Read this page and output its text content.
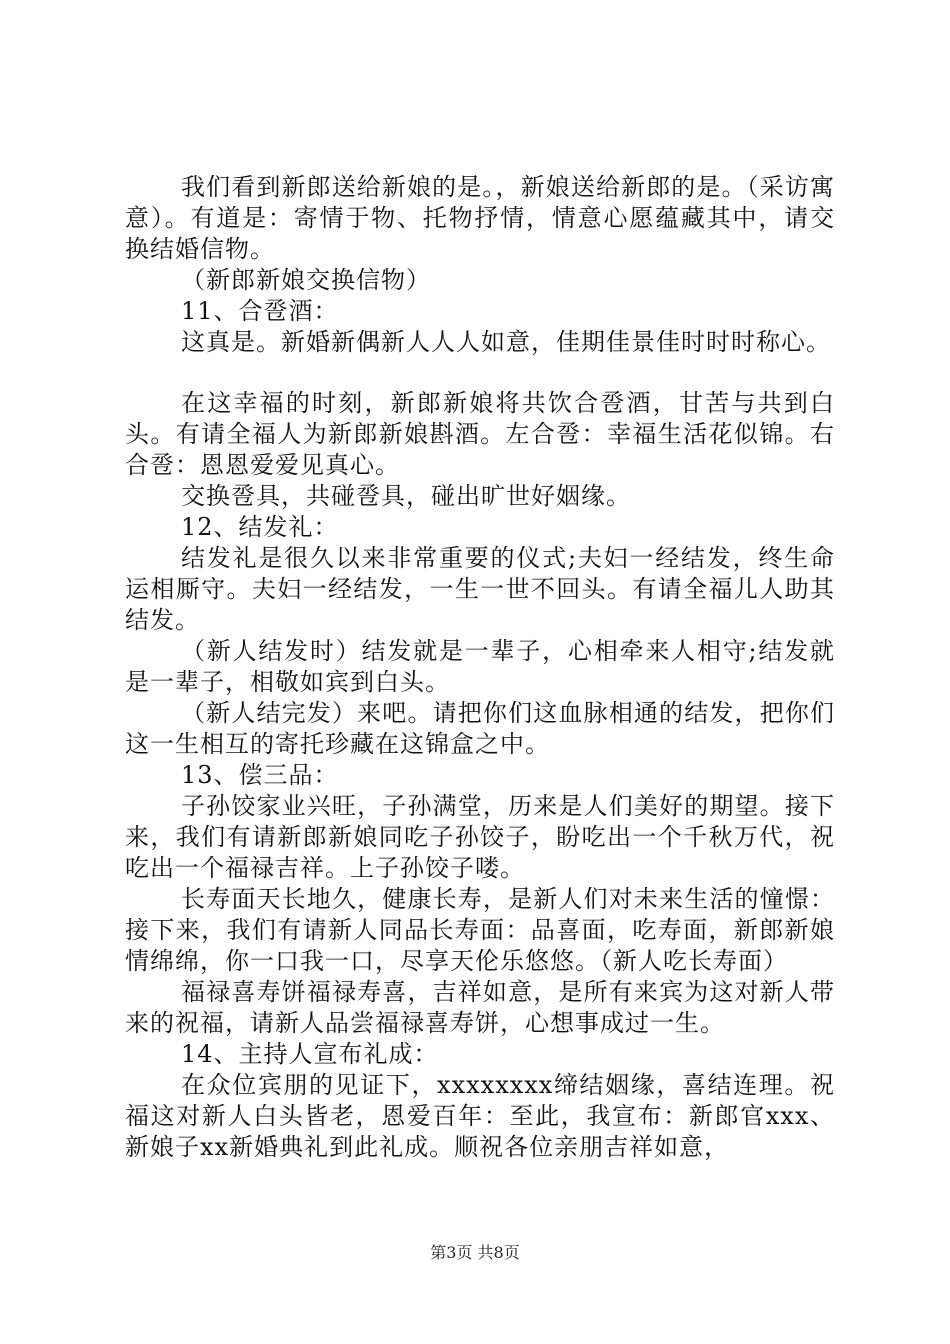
我们看到新郎送给新娘的是。，新娘送给新郎的是。（采访寓意）。有道是：寄情于物、托物抒情，情意心愿蕴藏其中，请交换结婚信物。

（新郎新娘交换信物）

11、合卺酒：

这真是。新婚新偶新人人人如意，佳期佳景佳时时时称心。

在这幸福的时刻，新郎新娘将共饮合卺酒，甘苦与共到白头。有请全福人为新郎新娘斟酒。左合卺：幸福生活花似锦。右合卺：恩恩爱爱见真心。

交换卺具，共碰卺具，碰出旷世好姻缘。

12、结发礼：

结发礼是很久以来非常重要的仪式;夫妇一经结发，终生命运相厮守。夫妇一经结发，一生一世不回头。有请全福儿人助其结发。

（新人结发时）结发就是一辈子，心相牵来人相守;结发就是一辈子，相敬如宾到白头。

（新人结完发）来吧。请把你们这血脉相通的结发，把你们这一生相互的寄托珍藏在这锦盒之中。

13、偿三品：

子孙饺家业兴旺，子孙满堂，历来是人们美好的期望。接下来，我们有请新郎新娘同吃子孙饺子，盼吃出一个千秋万代，祝吃出一个福禄吉祥。上子孙饺子喽。

长寿面天长地久，健康长寿，是新人们对未来生活的憧憬：接下来，我们有请新人同品长寿面：品喜面，吃寿面，新郎新娘情绵绵，你一口我一口，尽享天伦乐悠悠。（新人吃长寿面）

福禄喜寿饼福禄寿喜，吉祥如意，是所有来宾为这对新人带来的祝福，请新人品尝福禄喜寿饼，心想事成过一生。

14、主持人宣布礼成：

在众位宾朋的见证下，xxxxxxxx缔结姻缘，喜结连理。祝福这对新人白头皆老，恩爱百年：至此，我宣布：新郎官xxx、新娘子xx新婚典礼到此礼成。顺祝各位亲朋吉祥如意，

第3页 共8页
